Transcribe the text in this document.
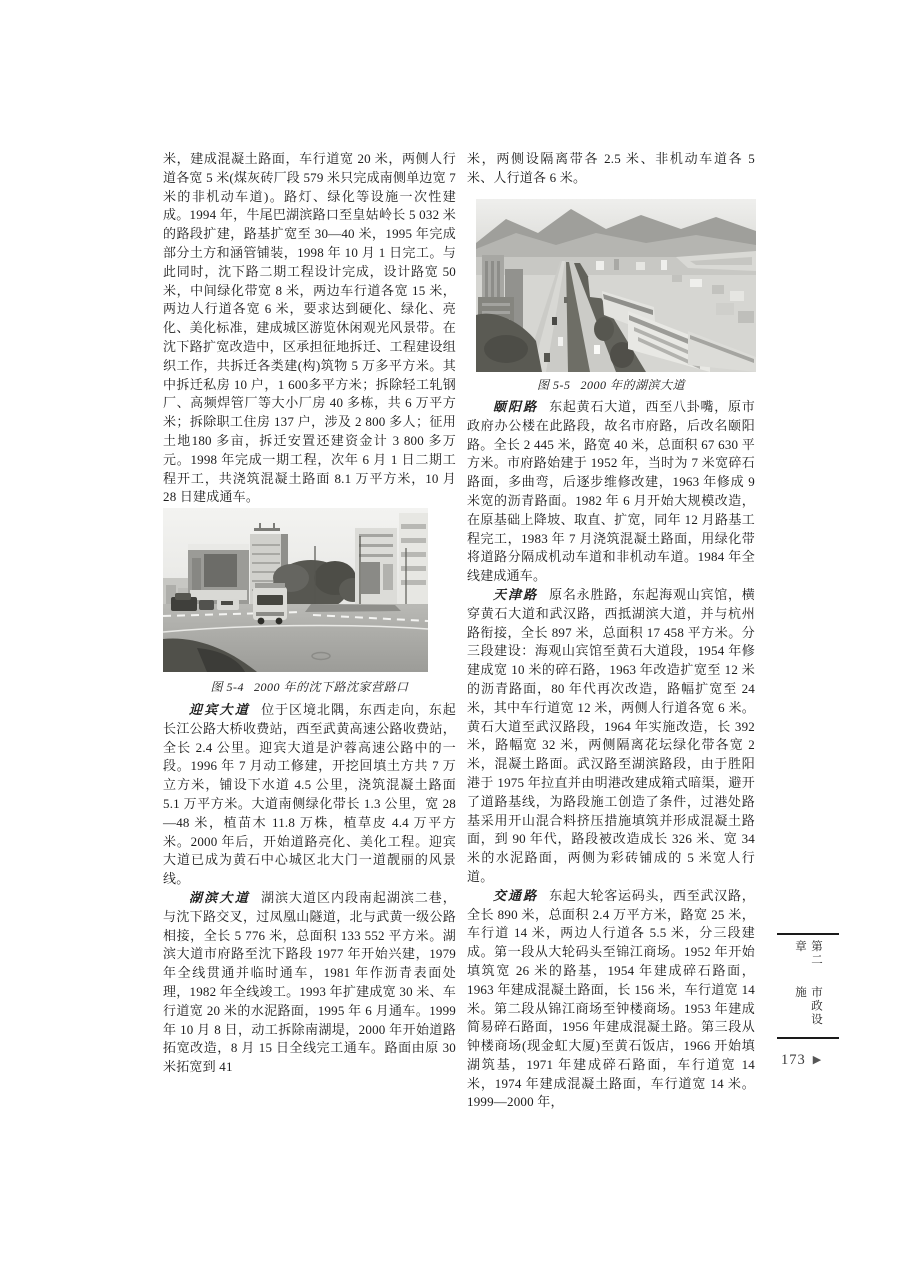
米，建成混凝土路面，车行道宽 20 米，两侧人行道各宽 5 米(煤灰砖厂段 579 米只完成南侧单边宽 7 米的非机动车道)。路灯、绿化等设施一次性建成。1994 年，牛尾巴湖滨路口至皇姑岭长 5 032 米的路段扩建，路基扩宽至 30—40 米，1995 年完成部分土方和涵管铺装，1998 年 10 月 1 日完工。与此同时，沈下路二期工程设计完成，设计路宽 50 米，中间绿化带宽 8 米，两边车行道各宽 15 米，两边人行道各宽 6 米，要求达到硬化、绿化、亮化、美化标准，建成城区游览休闲观光风景带。在沈下路扩宽改造中，区承担征地拆迁、工程建设组织工作，共拆迁各类建(构)筑物 5 万多平方米。其中拆迁私房 10 户，1 600多平方米；拆除轻工轧钢厂、高频焊管厂等大小厂房 40 多栋，共 6 万平方米；拆除职工住房 137 户，涉及 2 800 多人；征用土地180 多亩，拆迁安置还建资金计 3 800 多万元。1998 年完成一期工程，次年 6 月 1 日二期工程开工，共浇筑混凝土路面 8.1 万平方米，10 月 28 日建成通车。

图 5-4 2000 年的沈下路沈家营路口

迎宾大道 位于区境北隅，东西走向，东起长江公路大桥收费站，西至武黄高速公路收费站，全长 2.4 公里。迎宾大道是沪蓉高速公路中的一段。1996 年 7 月动工修建，开挖回填土方共 7 万立方米，铺设下水道 4.5 公里，浇筑混凝土路面 5.1 万平方米。大道南侧绿化带长 1.3 公里，宽 28—48 米，植苗木 11.8 万株，植草皮 4.4 万平方米。2000 年后，开始道路亮化、美化工程。迎宾大道已成为黄石中心城区北大门一道靓丽的风景线。

湖滨大道 湖滨大道区内段南起湖滨二巷，与沈下路交叉，过凤凰山隧道，北与武黄一级公路相接，全长 5 776 米，总面积 133 552 平方米。湖滨大道市府路至沈下路段 1977 年开始兴建，1979 年全线贯通并临时通车，1981 年作沥青表面处理，1982 年全线竣工。1993 年扩建成宽 30 米、车行道宽 20 米的水泥路面，1995 年 6 月通车。1999 年 10 月 8 日，动工拆除南湖堤，2000 年开始道路拓宽改造，8 月 15 日全线完工通车。路面由原 30 米拓宽到 41

米，两侧设隔离带各 2.5 米、非机动车道各 5 米、人行道各 6 米。

图 5-5 2000 年的湖滨大道

颐阳路 东起黄石大道，西至八卦嘴，原市政府办公楼在此路段，故名市府路，后改名颐阳路。全长 2 445 米，路宽 40 米，总面积 67 630 平方米。市府路始建于 1952 年，当时为 7 米宽碎石路面，多曲弯，后逐步维修改建，1963 年修成 9 米宽的沥青路面。1982 年 6 月开始大规模改造，在原基础上降坡、取直、扩宽，同年 12 月路基工程完工，1983 年 7 月浇筑混凝土路面，用绿化带将道路分隔成机动车道和非机动车道。1984 年全线建成通车。

天津路 原名永胜路，东起海观山宾馆，横穿黄石大道和武汉路，西抵湖滨大道，并与杭州路衔接，全长 897 米，总面积 17 458 平方米。分三段建设：海观山宾馆至黄石大道段，1954 年修建成宽 10 米的碎石路，1963 年改造扩宽至 12 米的沥青路面，80 年代再次改造，路幅扩宽至 24 米，其中车行道宽 12 米，两侧人行道各宽 6 米。黄石大道至武汉路段，1964 年实施改造，长 392 米，路幅宽 32 米，两侧隔离花坛绿化带各宽 2 米，混凝土路面。武汉路至湖滨路段，由于胜阳港于 1975 年拉直并由明港改建成箱式暗渠，避开了道路基线，为路段施工创造了条件，过港处路基采用开山混合料挤压措施填筑并形成混凝土路面，到 90 年代，路段被改造成长 326 米、宽 34 米的水泥路面，两侧为彩砖铺成的 5 米宽人行道。

交通路 东起大轮客运码头，西至武汉路，全长 890 米，总面积 2.4 万平方米，路宽 25 米，车行道 14 米，两边人行道各 5.5 米，分三段建成。第一段从大轮码头至锦江商场。1952 年开始填筑宽 26 米的路基，1954 年建成碎石路面，1963 年建成混凝土路面，长 156 米，车行道宽 14 米。第二段从锦江商场至钟楼商场。1953 年建成简易碎石路面，1956 年建成混凝土路。第三段从钟楼商场(现金虹大厦)至黄石饭店，1966 开始填湖筑基，1971 年建成碎石路面，车行道宽 14 米，1974 年建成混凝土路面，车行道宽 14 米。1999—2000 年，

第二章
市政设施
173 ▶
